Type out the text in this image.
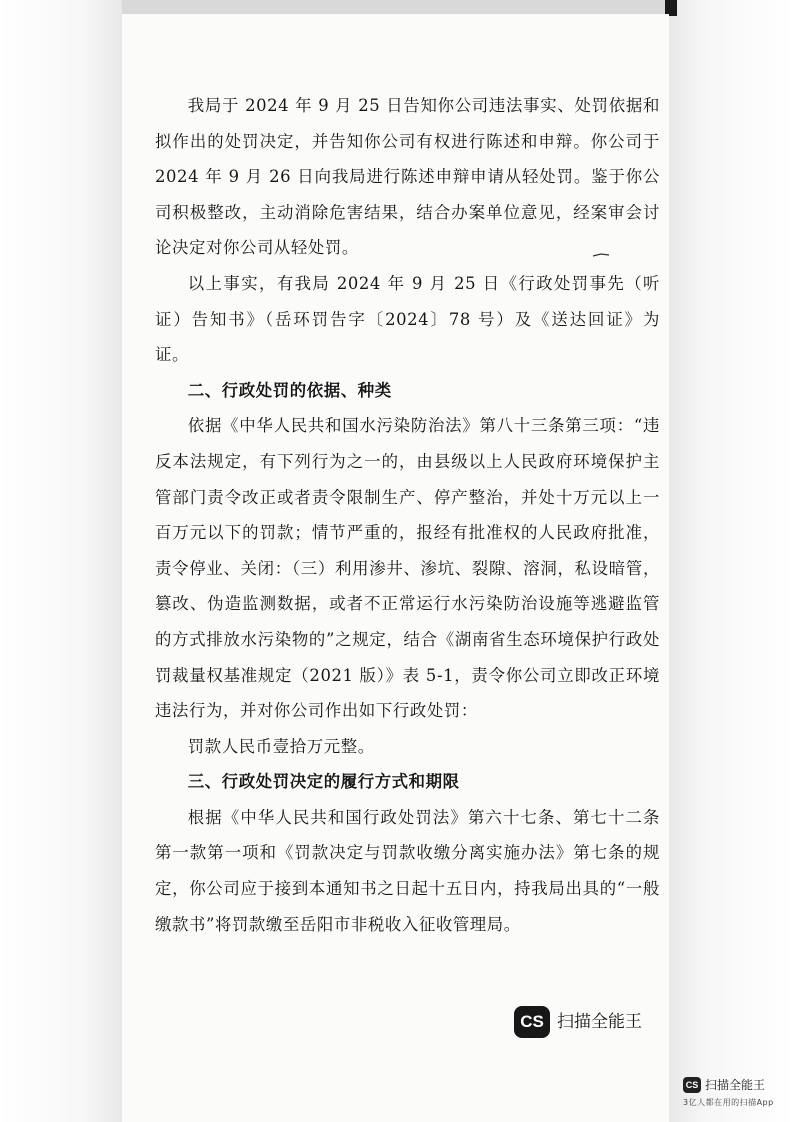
我局于 2024 年 9 月 25 日告知你公司违法事实、处罚依据和拟作出的处罚决定，并告知你公司有权进行陈述和申辩。你公司于 2024 年 9 月 26 日向我局进行陈述申辩申请从轻处罚。鉴于你公司积极整改，主动消除危害结果，结合办案单位意见，经案审会讨论决定对你公司从轻处罚。

以上事实，有我局 2024 年 9 月 25 日《行政处罚事先（听证）告知书》（岳环罚告字〔2024〕78 号）及《送达回证》为证。

二、行政处罚的依据、种类

依据《中华人民共和国水污染防治法》第八十三条第三项：“违反本法规定，有下列行为之一的，由县级以上人民政府环境保护主管部门责令改正或者责令限制生产、停产整治，并处十万元以上一百万元以下的罚款；情节严重的，报经有批准权的人民政府批准，责令停业、关闭：（三）利用渗井、渗坑、裂隙、溶洞，私设暗管，篡改、伪造监测数据，或者不正常运行水污染防治设施等逃避监管的方式排放水污染物的”之规定，结合《湖南省生态环境保护行政处罚裁量权基准规定（2021 版）》表 5-1，责令你公司立即改正环境违法行为，并对你公司作出如下行政处罚：

罚款人民币壹拾万元整。

三、行政处罚决定的履行方式和期限

根据《中华人民共和国行政处罚法》第六十七条、第七十二条第一款第一项和《罚款决定与罚款收缴分离实施办法》第七条的规定，你公司应于接到本通知书之日起十五日内，持我局出具的“一般缴款书”将罚款缴至岳阳市非税收入征收管理局。

CS 扫描全能王
CS 扫描全能王
3亿人都在用的扫描App
